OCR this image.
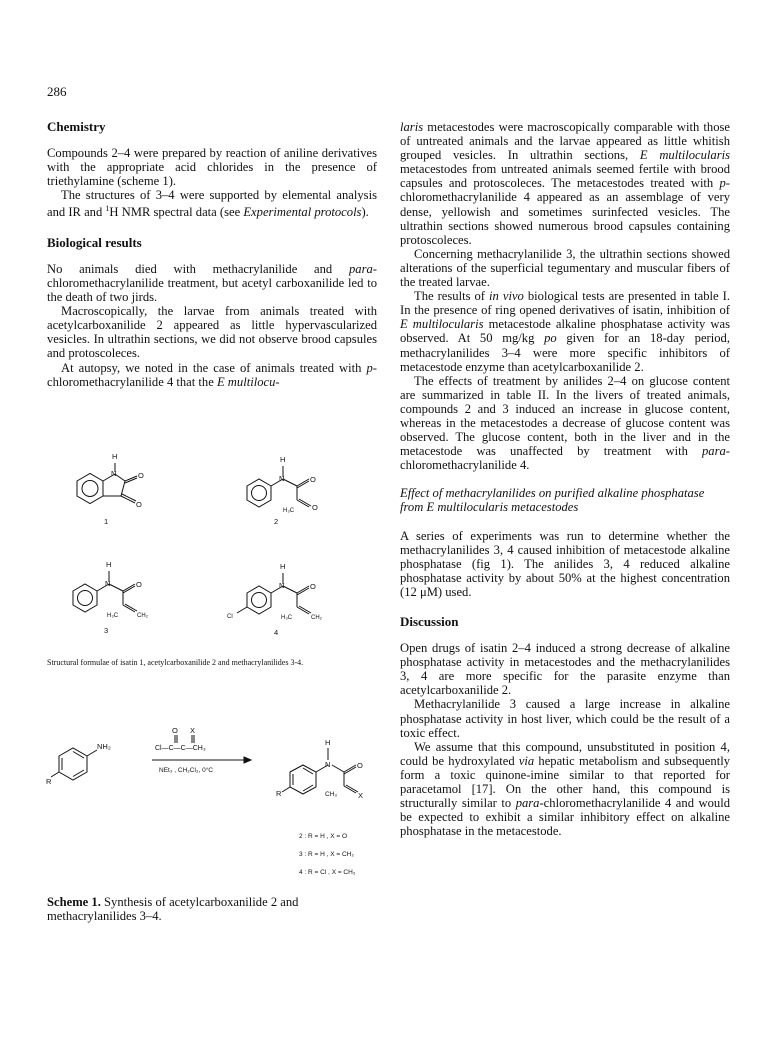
286
Chemistry

Compounds 2–4 were prepared by reaction of aniline derivatives with the appropriate acid chlorides in the presence of triethylamine (scheme 1).

The structures of 3–4 were supported by elemental analysis and IR and $^1$H NMR spectral data (see Experimental protocols).

Biological results

No animals died with methacrylanilide and para-chloromethacrylanilide treatment, but acetyl carboxanilide led to the death of two jirds.

Macroscopically, the larvae from animals treated with acetylcarboxanilide 2 appeared as little hypervascularized vesicles. In ultrathin sections, we did not observe brood capsules and protoscoleces.

At autopsy, we noted in the case of animals treated with p-chloromethacrylanilide 4 that the E multilocu-

H
N	O
O
H
N	O
O
H₃C
H
N	O
H₃C	CH₂
H
N	O
Cl	H₃C	CH₂
1	2
3	4
Structural formulae of isatin 1, acetylcarboxanilide 2 and methacrylanilides 3-4.
NH₂
R
O X
Cl—C—C—CH₃
NEt₃ , CH₂Cl₂, 0°C
H
N	O
R	CH₃	X
2 : R = H , X = O
3 : R = H , X = CH₂
4 : R = Cl , X = CH₂
Scheme 1. Synthesis of acetylcarboxanilide 2 and methacrylanilides 3–4.

laris metacestodes were macroscopically comparable with those of untreated animals and the larvae appeared as little whitish grouped vesicles. In ultrathin sections, E multilocularis metacestodes from untreated animals seemed fertile with brood capsules and protoscoleces. The metacestodes treated with p-chloromethacrylanilide 4 appeared as an assemblage of very dense, yellowish and sometimes surinfected vesicles. The ultrathin sections showed numerous brood capsules containing protoscoleces.

Concerning methacrylanilide 3, the ultrathin sections showed alterations of the superficial tegumentary and muscular fibers of the treated larvae.

The results of in vivo biological tests are presented in table I. In the presence of ring opened derivatives of isatin, inhibition of E multilocularis metacestode alkaline phosphatase activity was observed. At 50 mg/kg po given for an 18-day period, methacrylanilides 3–4 were more specific inhibitors of metacestode enzyme than acetylcarboxanilide 2.

The effects of treatment by anilides 2–4 on glucose content are summarized in table II. In the livers of treated animals, compounds 2 and 3 induced an increase in glucose content, whereas in the metacestodes a decrease of glucose content was observed. The glucose content, both in the liver and in the metacestode was unaffected by treatment with para-chloromethacrylanilide 4.

Effect of methacrylanilides on purified alkaline phosphatase from E multilocularis metacestodes

A series of experiments was run to determine whether the methacrylanilides 3, 4 caused inhibition of metacestode alkaline phosphatase (fig 1). The anilides 3, 4 reduced alkaline phosphatase activity by about 50% at the highest concentration (12 μM) used.

Discussion

Open drugs of isatin 2–4 induced a strong decrease of alkaline phosphatase activity in metacestodes and the methacrylanilides 3, 4 are more specific for the parasite enzyme than acetylcarboxanilide 2.

Methacrylanilide 3 caused a large increase in alkaline phosphatase activity in host liver, which could be the result of a toxic effect.

We assume that this compound, unsubstituted in position 4, could be hydroxylated via hepatic metabolism and subsequently form a toxic quinone-imine similar to that reported for paracetamol [17]. On the other hand, this compound is structurally similar to para-chloromethacrylanilide 4 and would be expected to exhibit a similar inhibitory effect on alkaline phosphatase in the metacestode.
